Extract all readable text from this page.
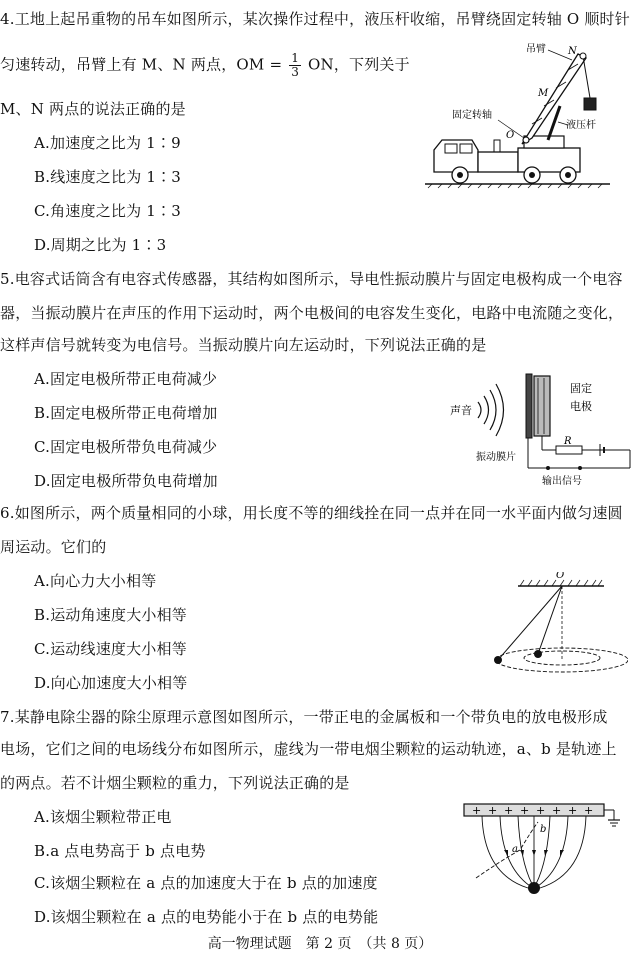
4.工地上起吊重物的吊车如图所示，某次操作过程中，液压杆收缩，吊臂绕固定转轴 O 顺时针
匀速转动，吊臂上有 M、N 两点，OM = $\frac{1}{3}$ ON，下列关于
M、N 两点的说法正确的是
A.加速度之比为 1∶9
B.线速度之比为 1∶3
C.角速度之比为 1∶3
D.周期之比为 1∶3
吊臂 N
M
固定转轴
O
液压杆
5.电容式话筒含有电容式传感器，其结构如图所示，导电性振动膜片与固定电极构成一个电容
器，当振动膜片在声压的作用下运动时，两个电极间的电容发生变化，电路中电流随之变化，
这样声信号就转变为电信号。当振动膜片向左运动时，下列说法正确的是
A.固定电极所带正电荷减少
B.固定电极所带正电荷增加
C.固定电极所带负电荷减少
D.固定电极所带负电荷增加
声音
固定
电极
R
振动膜片
输出信号
6.如图所示，两个质量相同的小球，用长度不等的细线拴在同一点并在同一水平面内做匀速圆
周运动。它们的
A.向心力大小相等
B.运动角速度大小相等
C.运动线速度大小相等
D.向心加速度大小相等
O
7.某静电除尘器的除尘原理示意图如图所示，一带正电的金属板和一个带负电的放电极形成
电场，它们之间的电场线分布如图所示，虚线为一带电烟尘颗粒的运动轨迹，a、b 是轨迹上
的两点。若不计烟尘颗粒的重力，下列说法正确的是
A.该烟尘颗粒带正电
B.a 点电势高于 b 点电势
C.该烟尘颗粒在 a 点的加速度大于在 b 点的加速度
D.该烟尘颗粒在 a 点的电势能小于在 b 点的电势能
+ + + + + + + +
a
b
高一物理试题　第 2 页　（共 8 页）
